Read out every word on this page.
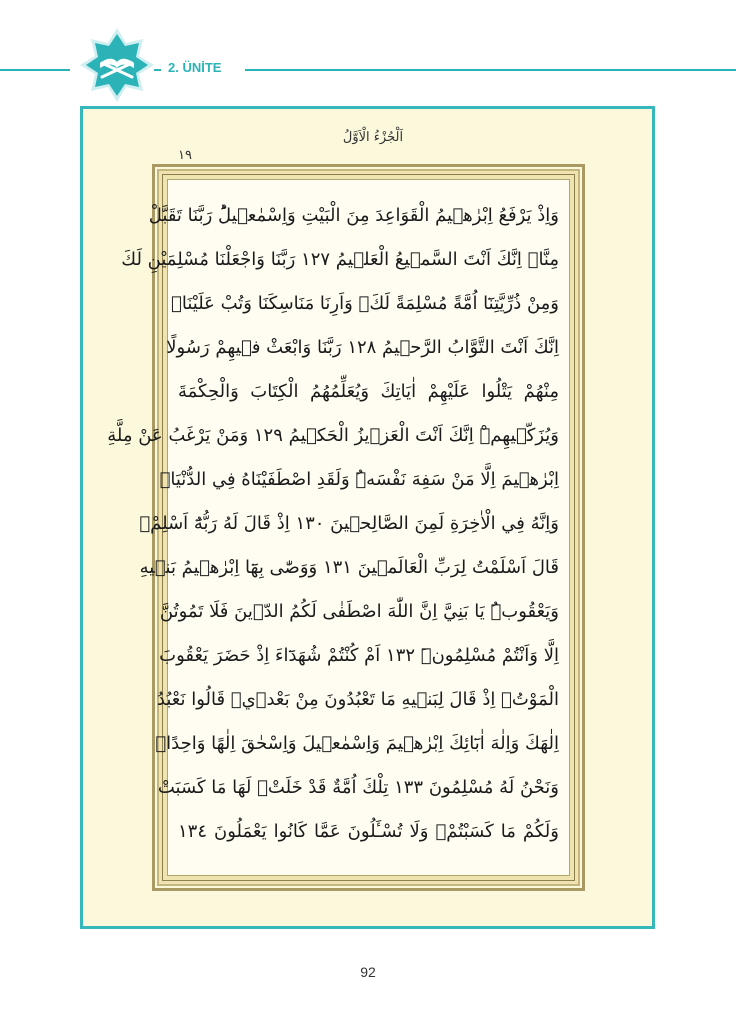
2. ÜNİTE
اَلْجُزْءُ الْاَوَّلُ
١٩
وَاِذْ يَرْفَعُ اِبْرٰه۪يمُ الْقَوَاعِدَ مِنَ الْبَيْتِ وَاِسْمٰع۪يلُؕ رَبَّنَا تَقَبَّلْ
مِنَّاۜ اِنَّكَ اَنْتَ السَّم۪يعُ الْعَل۪يمُ ١٢٧ رَبَّنَا وَاجْعَلْنَا مُسْلِمَيْنِ لَكَ
وَمِنْ ذُرِّيَّتِنَٓا اُمَّةً مُسْلِمَةً لَكَۖ وَاَرِنَا مَنَاسِكَنَا وَتُبْ عَلَيْنَاۚ
اِنَّكَ اَنْتَ التَّوَّابُ الرَّح۪يمُ ١٢٨ رَبَّنَا وَابْعَثْ ف۪يهِمْ رَسُولًا
مِنْهُمْ يَتْلُوا عَلَيْهِمْ اٰيَاتِكَ وَيُعَلِّمُهُمُ الْكِتَابَ وَالْحِكْمَةَ
وَيُزَكّ۪يهِمْۜ اِنَّكَ اَنْتَ الْعَز۪يزُ الْحَك۪يمُ ١٢٩ وَمَنْ يَرْغَبُ عَنْ مِلَّةِ
اِبْرٰه۪يمَ اِلَّا مَنْ سَفِهَ نَفْسَهُۜ وَلَقَدِ اصْطَفَيْنَاهُ فِي الدُّنْيَاۚ
وَاِنَّهُ فِي الْاٰخِرَةِ لَمِنَ الصَّالِح۪ينَ ١٣٠ اِذْ قَالَ لَهُ رَبُّهُٓ اَسْلِمْۙ
قَالَ اَسْلَمْتُ لِرَبِّ الْعَالَم۪ينَ ١٣١ وَوَصّٰى بِهَٓا اِبْرٰه۪يمُ بَن۪يهِ
وَيَعْقُوبُۜ يَا بَنِيَّ اِنَّ اللّٰهَ اصْطَفٰى لَكُمُ الدّ۪ينَ فَلَا تَمُوتُنَّ
اِلَّا وَاَنْتُمْ مُسْلِمُونَۜ ١٣٢ اَمْ كُنْتُمْ شُهَدَٓاءَ اِذْ حَضَرَ يَعْقُوبَ
الْمَوْتُۙ اِذْ قَالَ لِبَن۪يهِ مَا تَعْبُدُونَ مِنْ بَعْد۪يۜ قَالُوا نَعْبُدُ
اِلٰهَكَ وَاِلٰهَ اٰبَٓائِكَ اِبْرٰه۪يمَ وَاِسْمٰع۪يلَ وَاِسْحٰقَ اِلٰهًا وَاحِدًاۚ
وَنَحْنُ لَهُ مُسْلِمُونَ ١٣٣ تِلْكَ اُمَّةٌ قَدْ خَلَتْۚ لَهَا مَا كَسَبَتْ
وَلَكُمْ مَا كَسَبْتُمْۚ وَلَا تُسْـَٔلُونَ عَمَّا كَانُوا يَعْمَلُونَ ١٣٤
92
